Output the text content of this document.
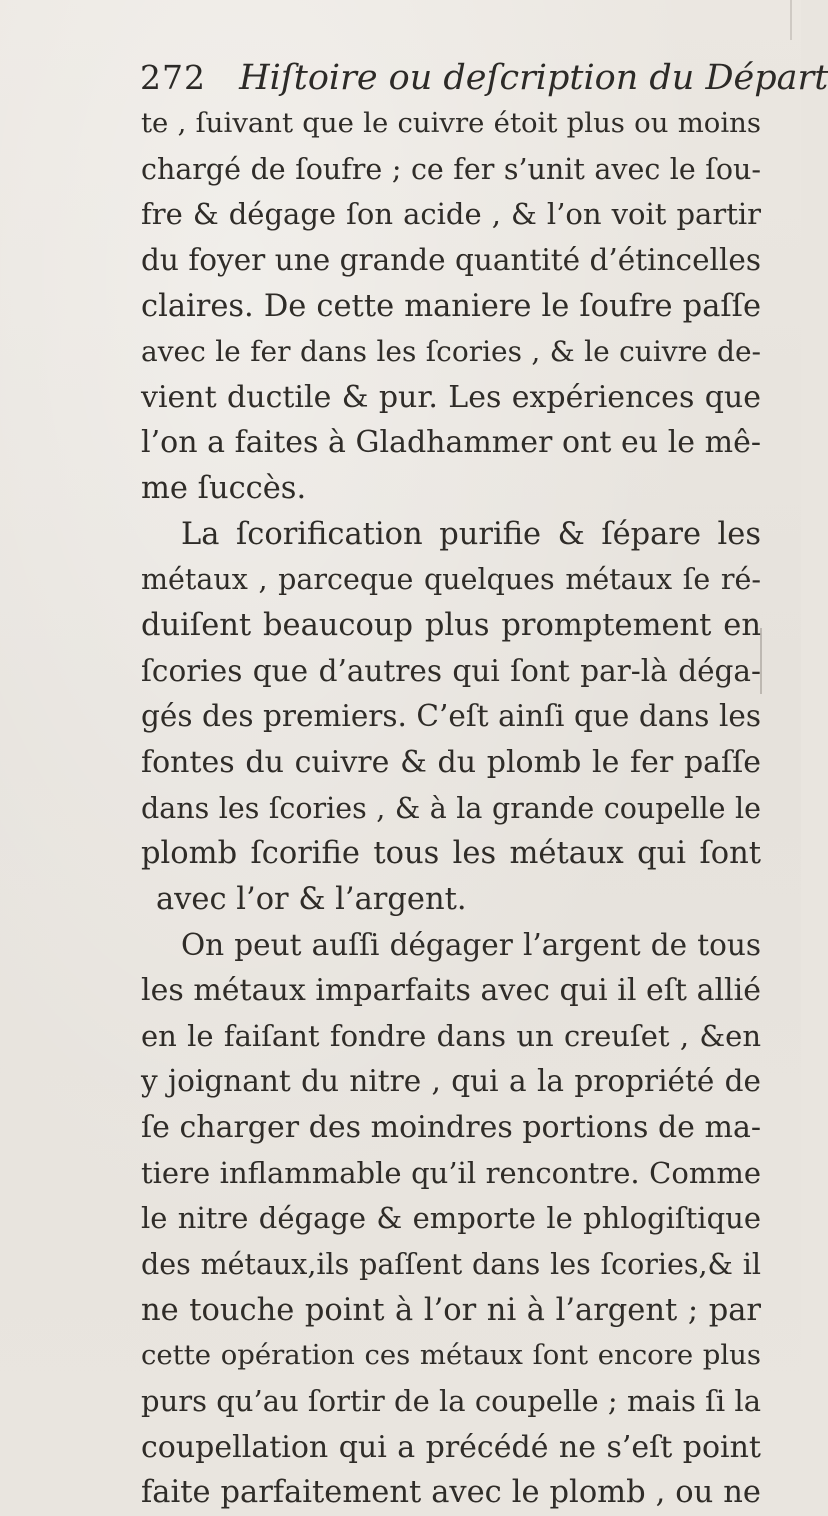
272 Hiſtoire ou deſcription du Départ
te , ſuivant que le cuivre étoit plus ou moins
chargé de ſoufre ; ce fer s’unit avec le ſou-
fre & dégage ſon acide , & l’on voit partir
du foyer une grande quantité d’étincelles
claires. De cette maniere le ſoufre paſſe
avec le fer dans les ſcories , & le cuivre de-
vient ductile & pur. Les expériences que
l’on a faites à Gladhammer ont eu le mê-
me ſuccès.
La ſcorification purifie & ſépare les
métaux , parceque quelques métaux ſe ré-
duiſent beaucoup plus promptement en
ſcories que d’autres qui ſont par-là déga-
gés des premiers. C’eſt ainſi que dans les
fontes du cuivre & du plomb le fer paſſe
dans les ſcories , & à la grande coupelle le
plomb ſcorifie tous les métaux qui ſont
avec l’or & l’argent.
On peut auſſi dégager l’argent de tous
les métaux imparfaits avec qui il eſt allié
en le faiſant fondre dans un creuſet , &en
y joignant du nitre , qui a la propriété de
ſe charger des moindres portions de ma-
tiere inflammable qu’il rencontre. Comme
le nitre dégage & emporte le phlogiſtique
des métaux,ils paſſent dans les ſcories,& il
ne touche point à l’or ni à l’argent ; par
cette opération ces métaux ſont encore plus
purs qu’au ſortir de la coupelle ; mais ſi la
coupellation qui a précédé ne s’eſt point
faite parfaitement avec le plomb , ou ne
